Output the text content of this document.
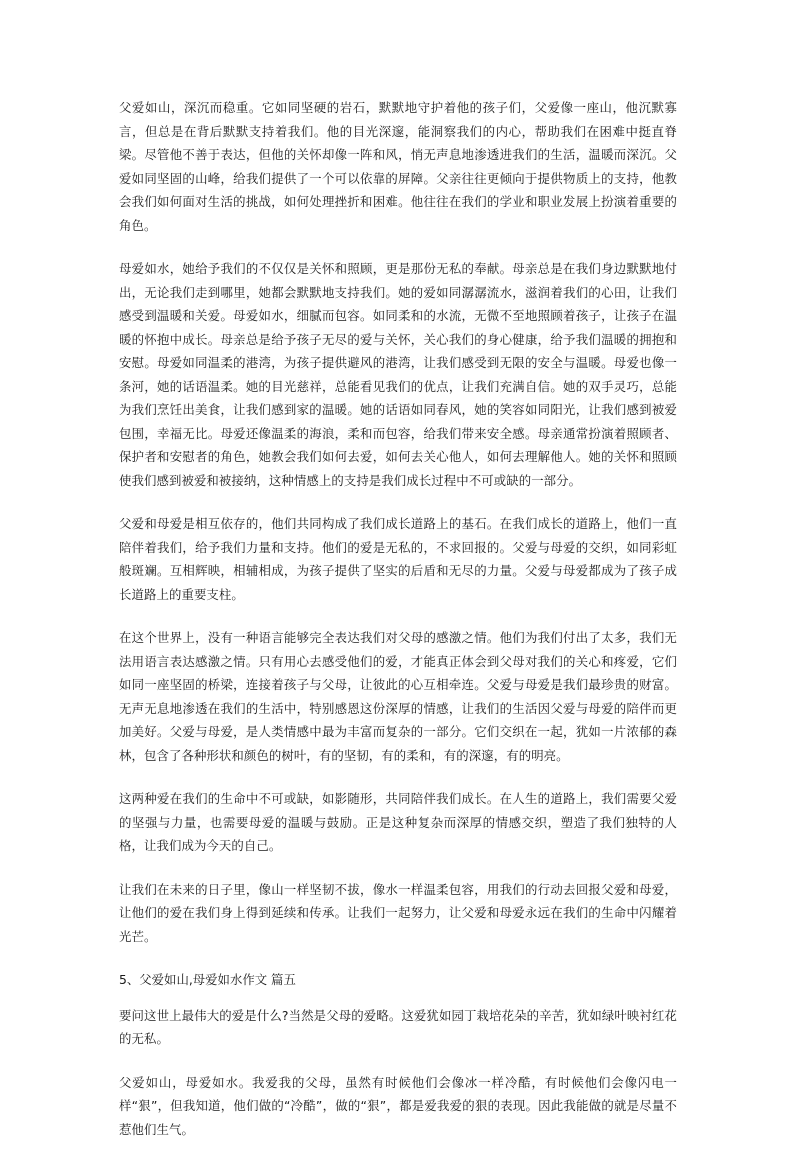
父爱如山，深沉而稳重。它如同坚硬的岩石，默默地守护着他的孩子们，父爱像一座山，他沉默寡言，但总是在背后默默支持着我们。他的目光深邃，能洞察我们的内心，帮助我们在困难中挺直脊梁。尽管他不善于表达，但他的关怀却像一阵和风，悄无声息地渗透进我们的生活，温暖而深沉。父爱如同坚固的山峰，给我们提供了一个可以依靠的屏障。父亲往往更倾向于提供物质上的支持，他教会我们如何面对生活的挑战，如何处理挫折和困难。他往往在我们的学业和职业发展上扮演着重要的角色。

母爱如水，她给予我们的不仅仅是关怀和照顾，更是那份无私的奉献。母亲总是在我们身边默默地付出，无论我们走到哪里，她都会默默地支持我们。她的爱如同潺潺流水，滋润着我们的心田，让我们感受到温暖和关爱。母爱如水，细腻而包容。如同柔和的水流，无微不至地照顾着孩子，让孩子在温暖的怀抱中成长。母亲总是给予孩子无尽的爱与关怀，关心我们的身心健康，给予我们温暖的拥抱和安慰。母爱如同温柔的港湾，为孩子提供避风的港湾，让我们感受到无限的安全与温暖。母爱也像一条河，她的话语温柔。她的目光慈祥，总能看见我们的优点，让我们充满自信。她的双手灵巧，总能为我们烹饪出美食，让我们感到家的温暖。她的话语如同春风，她的笑容如同阳光，让我们感到被爱包围，幸福无比。母爱还像温柔的海浪，柔和而包容，给我们带来安全感。母亲通常扮演着照顾者、保护者和安慰者的角色，她教会我们如何去爱，如何去关心他人，如何去理解他人。她的关怀和照顾使我们感到被爱和被接纳，这种情感上的支持是我们成长过程中不可或缺的一部分。

父爱和母爱是相互依存的，他们共同构成了我们成长道路上的基石。在我们成长的道路上，他们一直陪伴着我们，给予我们力量和支持。他们的爱是无私的，不求回报的。父爱与母爱的交织，如同彩虹般斑斓。互相辉映，相辅相成，为孩子提供了坚实的后盾和无尽的力量。父爱与母爱都成为了孩子成长道路上的重要支柱。

在这个世界上，没有一种语言能够完全表达我们对父母的感激之情。他们为我们付出了太多，我们无法用语言表达感激之情。只有用心去感受他们的爱，才能真正体会到父母对我们的关心和疼爱，它们如同一座坚固的桥梁，连接着孩子与父母，让彼此的心互相牵连。父爱与母爱是我们最珍贵的财富。无声无息地渗透在我们的生活中，特别感恩这份深厚的情感，让我们的生活因父爱与母爱的陪伴而更加美好。父爱与母爱，是人类情感中最为丰富而复杂的一部分。它们交织在一起，犹如一片浓郁的森林，包含了各种形状和颜色的树叶，有的坚韧，有的柔和，有的深邃，有的明亮。

这两种爱在我们的生命中不可或缺，如影随形，共同陪伴我们成长。在人生的道路上，我们需要父爱的坚强与力量，也需要母爱的温暖与鼓励。正是这种复杂而深厚的情感交织，塑造了我们独特的人格，让我们成为今天的自己。

让我们在未来的日子里，像山一样坚韧不拔，像水一样温柔包容，用我们的行动去回报父爱和母爱，让他们的爱在我们身上得到延续和传承。让我们一起努力，让父爱和母爱永远在我们的生命中闪耀着光芒。

5、父爱如山,母爱如水作文 篇五

要问这世上最伟大的爱是什么?当然是父母的爱略。这爱犹如园丁栽培花朵的辛苦，犹如绿叶映衬红花的无私。

父爱如山，母爱如水。我爱我的父母，虽然有时候他们会像冰一样冷酷，有时候他们会像闪电一样“狠”，但我知道，他们做的“冷酷”，做的“狠”，都是爱我爱的狠的表现。因此我能做的就是尽量不惹他们生气。
